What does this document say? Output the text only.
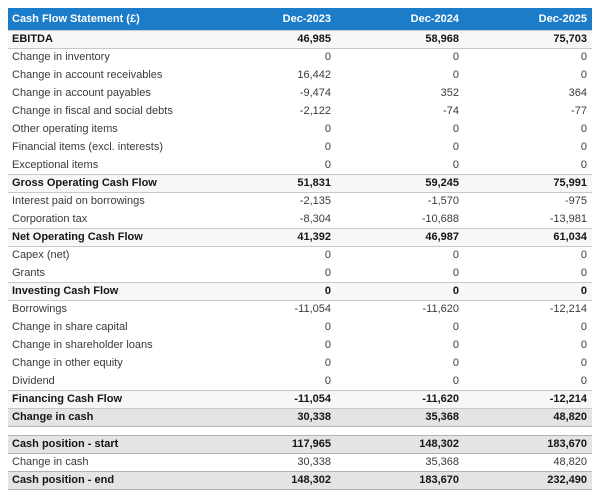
Cash Flow Statement (£)	Dec-2023	Dec-2024	Dec-2025
EBITDA	46,985	58,968	75,703
Change in inventory	0	0	0
Change in account receivables	16,442	0	0
Change in account payables	-9,474	352	364
Change in fiscal and social debts	-2,122	-74	-77
Other operating items	0	0	0
Financial items (excl. interests)	0	0	0
Exceptional items	0	0	0
Gross Operating Cash Flow	51,831	59,245	75,991
Interest paid on borrowings	-2,135	-1,570	-975
Corporation tax	-8,304	-10,688	-13,981
Net Operating Cash Flow	41,392	46,987	61,034
Capex (net)	0	0	0
Grants	0	0	0
Investing Cash Flow	0	0	0
Borrowings	-11,054	-11,620	-12,214
Change in share capital	0	0	0
Change in shareholder loans	0	0	0
Change in other equity	0	0	0
Dividend	0	0	0
Financing Cash Flow	-11,054	-11,620	-12,214
Change in cash	30,338	35,368	48,820
Cash position - start	117,965	148,302	183,670
Change in cash	30,338	35,368	48,820
Cash position - end	148,302	183,670	232,490
